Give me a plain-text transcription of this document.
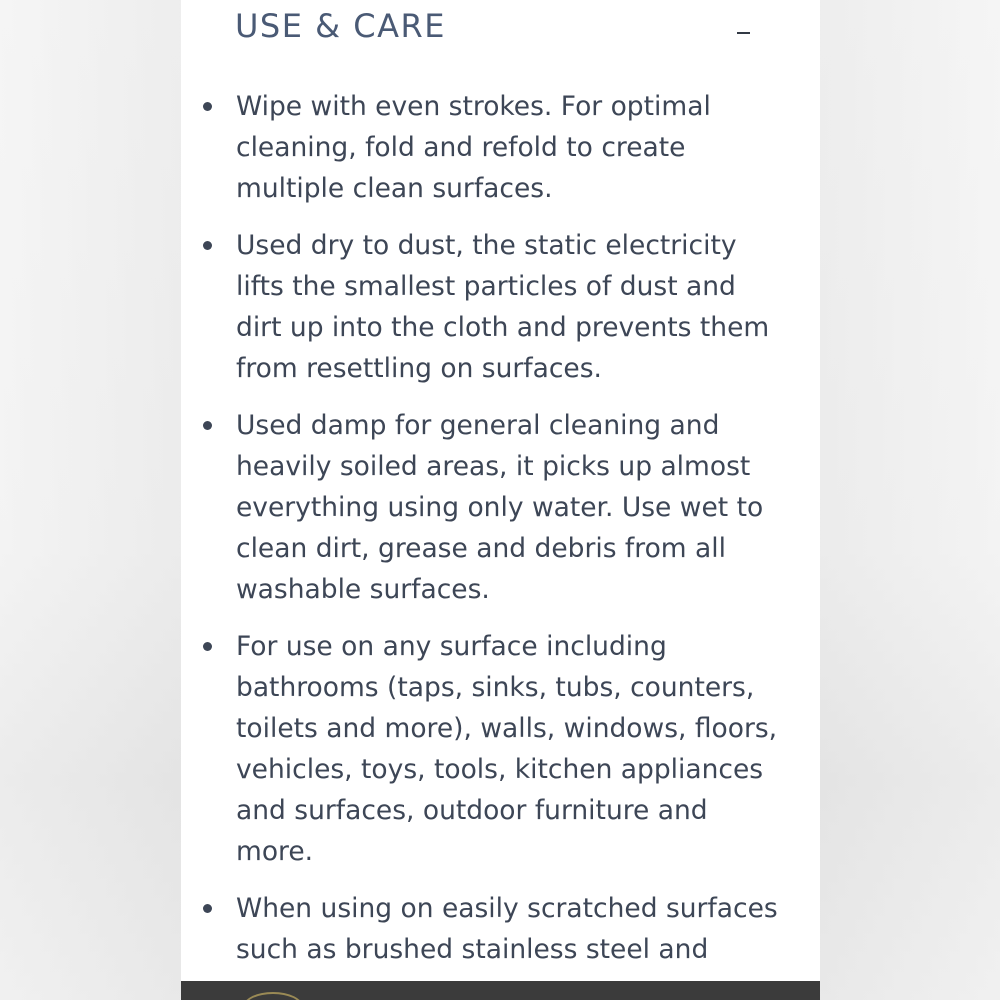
USE & CARE
Wipe with even strokes. For optimal cleaning, fold and refold to create multiple clean surfaces.
Used dry to dust, the static electricity lifts the smallest particles of dust and dirt up into the cloth and prevents them from resettling on surfaces.
Used damp for general cleaning and heavily soiled areas, it picks up almost everything using only water. Use wet to clean dirt, grease and debris from all washable surfaces.
For use on any surface including bathrooms (taps, sinks, tubs, counters, toilets and more), walls, windows, floors, vehicles, toys, tools, kitchen appliances and surfaces, outdoor furniture and more.
When using on easily scratched surfaces such as brushed stainless steel and
